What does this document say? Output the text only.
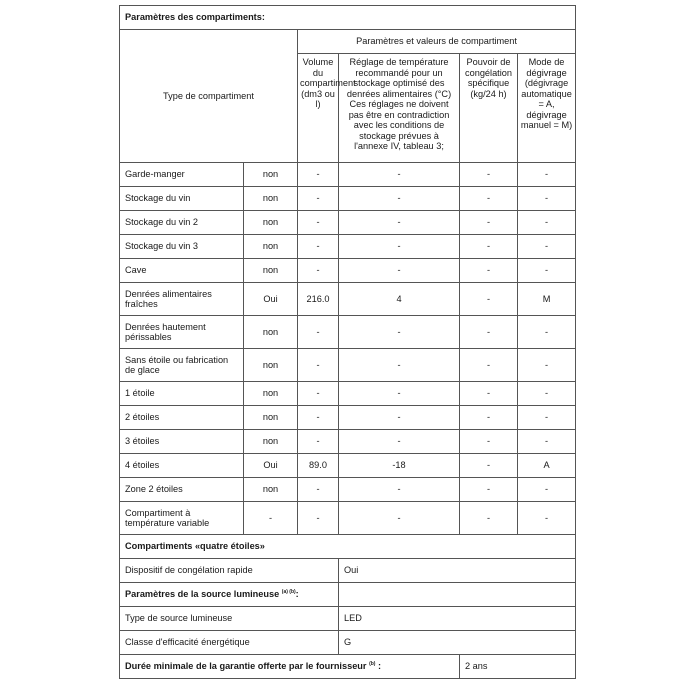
Paramètres des compartiments:					
Type de compartiment		Paramètres et valeurs de compartiment			
		Volume du compartiment (dm3 ou l)	Réglage de température recommandé pour un stockage optimisé des denrées alimentaires (°C) Ces réglages ne doivent pas être en contradiction avec les conditions de stockage prévues à l'annexe IV, tableau 3;	Pouvoir de congélation spécifique (kg/24 h)	Mode de dégivrage (dégivrage automatique = A, dégivrage manuel = M)
Garde-manger	non	-	-	-	-
Stockage du vin	non	-	-	-	-
Stockage du vin 2	non	-	-	-	-
Stockage du vin 3	non	-	-	-	-
Cave	non	-	-	-	-
Denrées alimentaires fraîches	Oui	216.0	4	-	M
Denrées hautement périssables	non	-	-	-	-
Sans étoile ou fabrication de glace	non	-	-	-	-
1 étoile	non	-	-	-	-
2 étoiles	non	-	-	-	-
3 étoiles	non	-	-	-	-
4 étoiles	Oui	89.0	-18	-	A
Zone 2 étoiles	non	-	-	-	-
Compartiment à température variable	-	-	-	-	-
Compartiments «quatre étoiles»					
Dispositif de congélation rapide			Oui		
Paramètres de la source lumineuse $^{(a) (b)}$:					
Type de source lumineuse			LED		
Classe d'efficacité énergétique			G		
Durée minimale de la garantie offerte par le fournisseur $^{(b)}$ :				2 ans	
